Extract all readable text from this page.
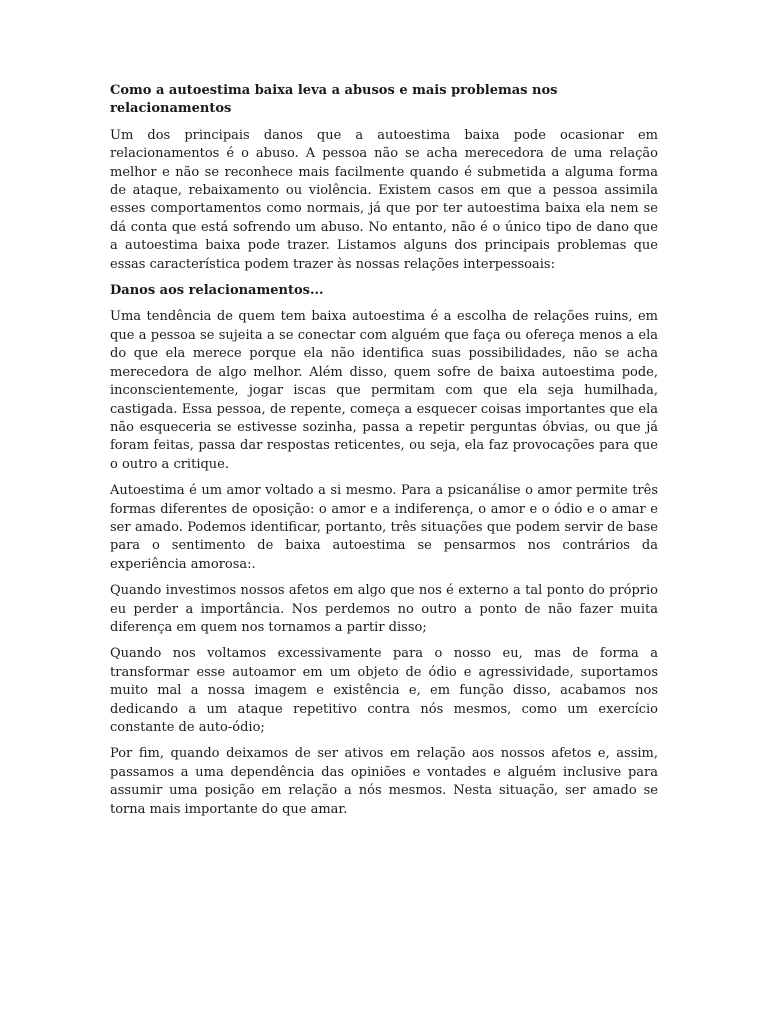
Como a autoestima baixa leva a abusos e mais problemas nos relacionamentos

Um dos principais danos que a autoestima baixa pode ocasionar em relacionamentos é o abuso. A pessoa não se acha merecedora de uma relação melhor e não se reconhece mais facilmente quando é submetida a alguma forma de ataque, rebaixamento ou violência. Existem casos em que a pessoa assimila esses comportamentos como normais, já que por ter autoestima baixa ela nem se dá conta que está sofrendo um abuso. No entanto, não é o único tipo de dano que a autoestima baixa pode trazer. Listamos alguns dos principais problemas que essas característica podem trazer às nossas relações interpessoais:

Danos aos relacionamentos...

Uma tendência de quem tem baixa autoestima é a escolha de relações ruins, em que a pessoa se sujeita a se conectar com alguém que faça ou ofereça menos a ela do que ela merece porque ela não identifica suas possibilidades, não se acha merecedora de algo melhor. Além disso, quem sofre de baixa autoestima pode, inconscientemente, jogar iscas que permitam com que ela seja humilhada, castigada. Essa pessoa, de repente, começa a esquecer coisas importantes que ela não esqueceria se estivesse sozinha, passa a repetir perguntas óbvias, ou que já foram feitas, passa dar respostas reticentes, ou seja, ela faz provocações para que o outro a critique.

Autoestima é um amor voltado a si mesmo. Para a psicanálise o amor permite três formas diferentes de oposição: o amor e a indiferença, o amor e o ódio e o amar e ser amado. Podemos identificar, portanto, três situações que podem servir de base para o sentimento de baixa autoestima se pensarmos nos contrários da experiência amorosa:.

Quando investimos nossos afetos em algo que nos é externo a tal ponto do próprio eu perder a importância. Nos perdemos no outro a ponto de não fazer muita diferença em quem nos tornamos a partir disso;

Quando nos voltamos excessivamente para o nosso eu, mas de forma a transformar esse autoamor em um objeto de ódio e agressividade, suportamos muito mal a nossa imagem e existência e, em função disso, acabamos nos dedicando a um ataque repetitivo contra nós mesmos, como um exercício constante de auto-ódio;

Por fim, quando deixamos de ser ativos em relação aos nossos afetos e, assim, passamos a uma dependência das opiniões e vontades e alguém inclusive para assumir uma posição em relação a nós mesmos. Nesta situação, ser amado se torna mais importante do que amar.
